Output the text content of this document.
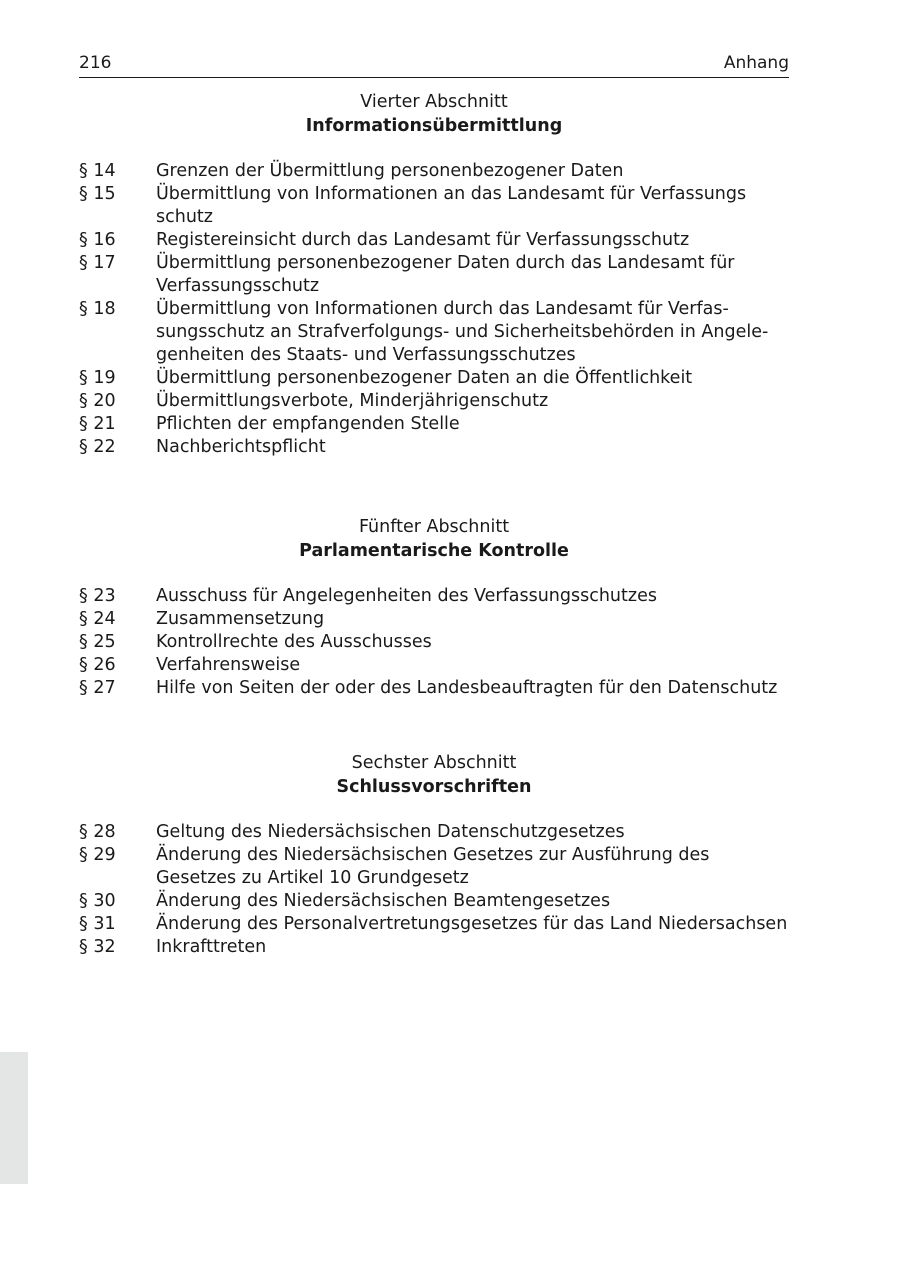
216	Anhang
Vierter Abschnitt
Informationsübermittlung
§ 14	Grenzen der Übermittlung personenbezogener Daten
§ 15	Übermittlung von Informationen an das Landesamt für Verfassungs
schutz
§ 16	Registereinsicht durch das Landesamt für Verfassungsschutz
§ 17	Übermittlung personenbezogener Daten durch das Landesamt für
Verfassungsschutz
§ 18	Übermittlung von Informationen durch das Landesamt für Verfas-
sungsschutz an Strafverfolgungs- und Sicherheitsbehörden in Angele-
genheiten des Staats- und Verfassungsschutzes
§ 19	Übermittlung personenbezogener Daten an die Öffentlichkeit
§ 20	Übermittlungsverbote, Minderjährigenschutz
§ 21	Pflichten der empfangenden Stelle
§ 22	Nachberichtspflicht
Fünfter Abschnitt
Parlamentarische Kontrolle
§ 23	Ausschuss für Angelegenheiten des Verfassungsschutzes
§ 24	Zusammensetzung
§ 25	Kontrollrechte des Ausschusses
§ 26	Verfahrensweise
§ 27	Hilfe von Seiten der oder des Landesbeauftragten für den Datenschutz
Sechster Abschnitt
Schlussvorschriften
§ 28	Geltung des Niedersächsischen Datenschutzgesetzes
§ 29	Änderung des Niedersächsischen Gesetzes zur Ausführung des
Gesetzes zu Artikel 10 Grundgesetz
§ 30	Änderung des Niedersächsischen Beamtengesetzes
§ 31	Änderung des Personalvertretungsgesetzes für das Land Niedersachsen
§ 32	Inkrafttreten
